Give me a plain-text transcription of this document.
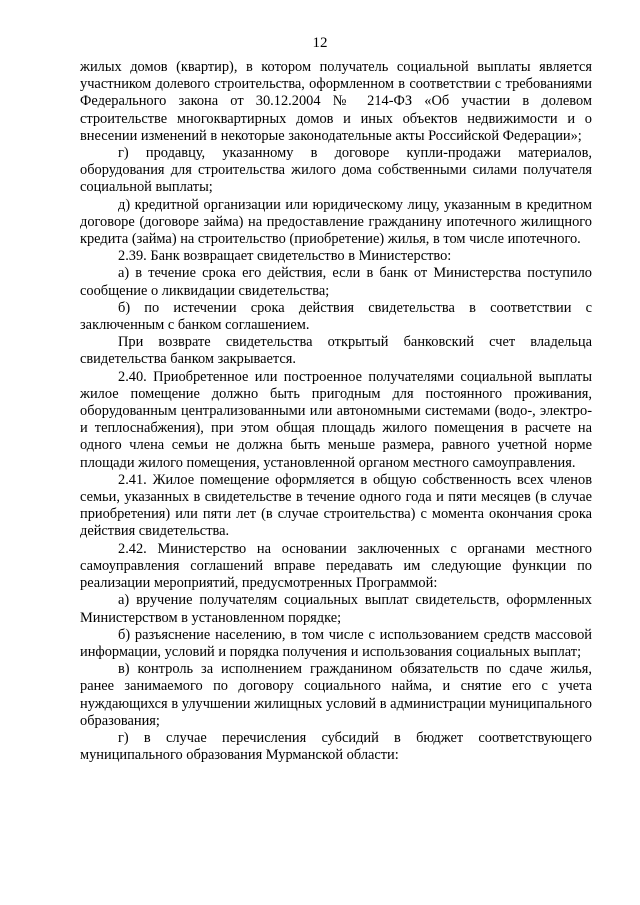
12

жилых домов (квартир), в котором получатель социальной выплаты является участником долевого строительства, оформленном в соответствии с требованиями Федерального закона от 30.12.2004 № 214-ФЗ «Об участии в долевом строительстве многоквартирных домов и иных объектов недвижимости и о внесении изменений в некоторые законодательные акты Российской Федерации»;

г) продавцу, указанному в договоре купли-продажи материалов, оборудования для строительства жилого дома собственными силами получателя социальной выплаты;

д) кредитной организации или юридическому лицу, указанным в кредитном договоре (договоре займа) на предоставление гражданину ипотечного жилищного кредита (займа) на строительство (приобретение) жилья, в том числе ипотечного.

2.39. Банк возвращает свидетельство в Министерство:

а) в течение срока его действия, если в банк от Министерства поступило сообщение о ликвидации свидетельства;

б) по истечении срока действия свидетельства в соответствии с заключенным с банком соглашением.

При возврате свидетельства открытый банковский счет владельца свидетельства банком закрывается.

2.40. Приобретенное или построенное получателями социальной выплаты жилое помещение должно быть пригодным для постоянного проживания, оборудованным централизованными или автономными системами (водо-, электро- и теплоснабжения), при этом общая площадь жилого помещения в расчете на одного члена семьи не должна быть меньше размера, равного учетной норме площади жилого помещения, установленной органом местного самоуправления.

2.41. Жилое помещение оформляется в общую собственность всех членов семьи, указанных в свидетельстве в течение одного года и пяти месяцев (в случае приобретения) или пяти лет (в случае строительства) с момента окончания срока действия свидетельства.

2.42. Министерство на основании заключенных с органами местного самоуправления соглашений вправе передавать им следующие функции по реализации мероприятий, предусмотренных Программой:

а) вручение получателям социальных выплат свидетельств, оформленных Министерством в установленном порядке;

б) разъяснение населению, в том числе с использованием средств массовой информации, условий и порядка получения и использования социальных выплат;

в) контроль за исполнением гражданином обязательств по сдаче жилья, ранее занимаемого по договору социального найма, и снятие его с учета нуждающихся в улучшении жилищных условий в администрации муниципального образования;

г) в случае перечисления субсидий в бюджет соответствующего муниципального образования Мурманской области:
